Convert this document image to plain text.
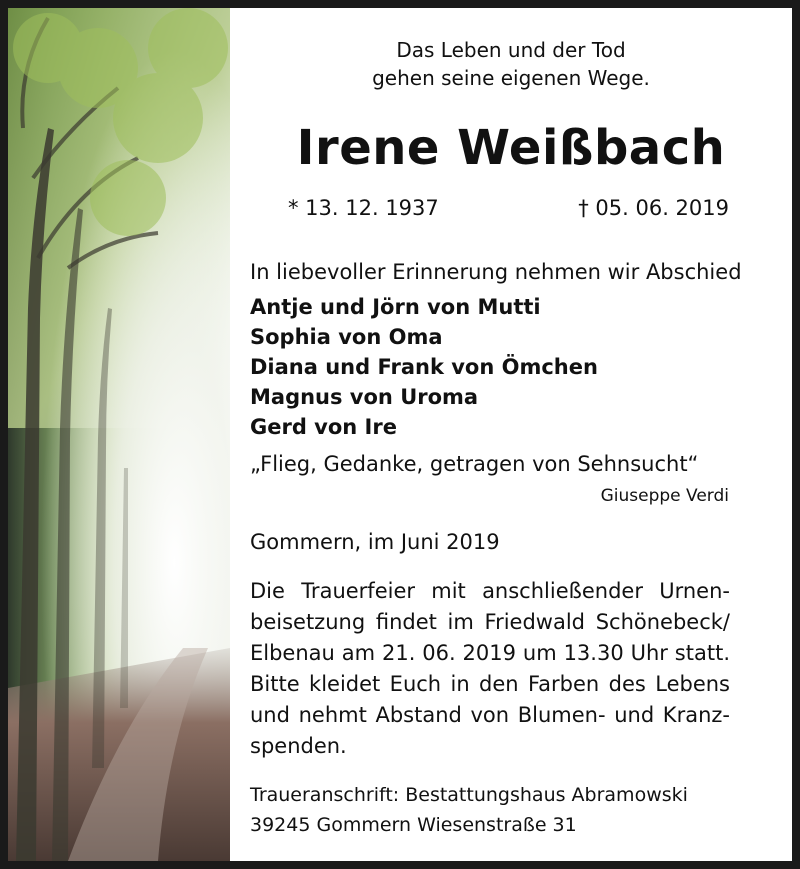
Das Leben und der Tod
gehen seine eigenen Wege.
Irene Weißbach
* 13. 12. 1937	† 05. 06. 2019
In liebevoller Erinnerung nehmen wir Abschied
Antje und Jörn von Mutti
Sophia von Oma
Diana und Frank von Ömchen
Magnus von Uroma
Gerd von Ire
„Flieg, Gedanke, getragen von Sehnsucht“
Giuseppe Verdi
Gommern, im Juni 2019
Die Trauerfeier mit anschließender Urnen-
beisetzung findet im Friedwald Schönebeck/
Elbenau am 21. 06. 2019 um 13.30 Uhr statt.
Bitte kleidet Euch in den Farben des Lebens
und nehmt Abstand von Blumen- und Kranz-
spenden.
Traueranschrift: Bestattungshaus Abramowski
39245 Gommern Wiesenstraße 31
